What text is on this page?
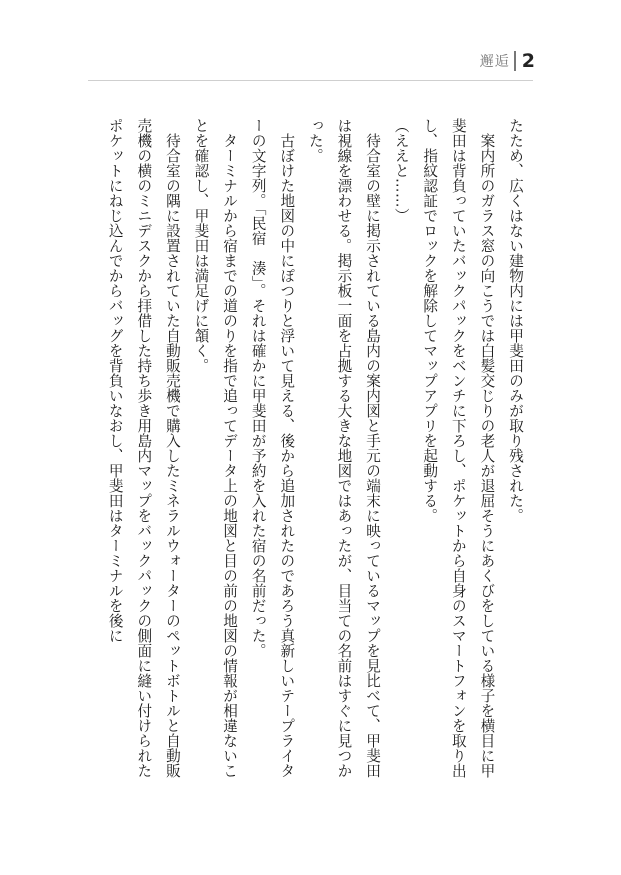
邂逅 2

たため、広くはない建物内には甲斐田のみが取り残された。

　案内所のガラス窓の向こうでは白髪交じりの老人が退屈そうにあくびをしている様子を横目に甲斐田は背負っていたバックパックをベンチに下ろし、ポケットから自身のスマートフォンを取り出し、指紋認証でロックを解除してマップアプリを起動する。

（ええと……）

　待合室の壁に掲示されている島内の案内図と手元の端末に映っているマップを見比べて、甲斐田は視線を漂わせる。掲示板一面を占拠する大きな地図ではあったが、目当ての名前はすぐに見つかった。

　古ぼけた地図の中にぽつりと浮いて見える、後から追加されたのであろう真新しいテープライターの文字列。「民宿　湊」。それは確かに甲斐田が予約を入れた宿の名前だった。

　ターミナルから宿までの道のりを指で追ってデータ上の地図と目の前の地図の情報が相違ないことを確認し、甲斐田は満足げに頷く。

　待合室の隅に設置されていた自動販売機で購入したミネラルウォーターのペットボトルと自動販売機の横のミニデスクから拝借した持ち歩き用島内マップをバックパックの側面に縫い付けられたポケットにねじ込んでからバッグを背負いなおし、甲斐田はターミナルを後に
